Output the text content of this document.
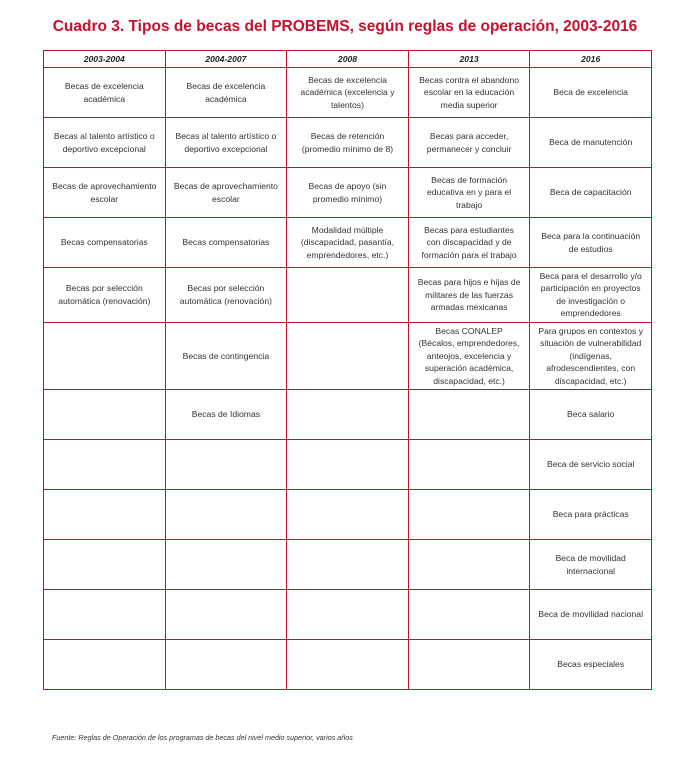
Cuadro 3. Tipos de becas del PROBEMS, según reglas de operación, 2003-2016
2003-2004	2004-2007	2008	2013	2016
Becas de excelencia académica	Becas de excelencia académica	Becas de excelencia académica (excelencia y talentos)	Becas contra el abandono escolar en la educación media superior	Beca de excelencia
Becas al talento artístico o deportivo excepcional	Becas al talento artístico o deportivo excepcional	Becas de retención (promedio mínimo de 8)	Becas para acceder, permanecer y concluir	Beca de manutención
Becas de aprovechamiento escolar	Becas de aprovechamiento escolar	Becas de apoyo (sin promedio mínimo)	Becas de formación educativa en y para el trabajo	Beca de capacitación
Becas compensatorias	Becas compensatorias	Modalidad múltiple (discapacidad, pasantía, emprendedores, etc.)	Becas para estudiantes con discapacidad y de formación para el trabajo	Beca para la continuación de estudios
Becas por selección automática (renovación)	Becas por selección automática (renovación)		Becas para hijos e hijas de militares de las fuerzas armadas mexicanas	Beca para el desarrollo y/o participación en proyectos de investigación o emprendedores
	Becas de contingencia		Becas CONALEP (Bécalos, emprendedores, anteojos, excelencia y superación académica, discapacidad, etc.)	Para grupos en contextos y situación de vulnerabilidad (indígenas, afrodescendientes, con discapacidad, etc.)
	Becas de Idiomas			Beca salario
				Beca de servicio social
				Beca para prácticas
				Beca de movilidad internacional
				Beca de movilidad nacional
				Becas especiales
Fuente: Reglas de Operación de los programas de becas del nivel medio superior, varios años
